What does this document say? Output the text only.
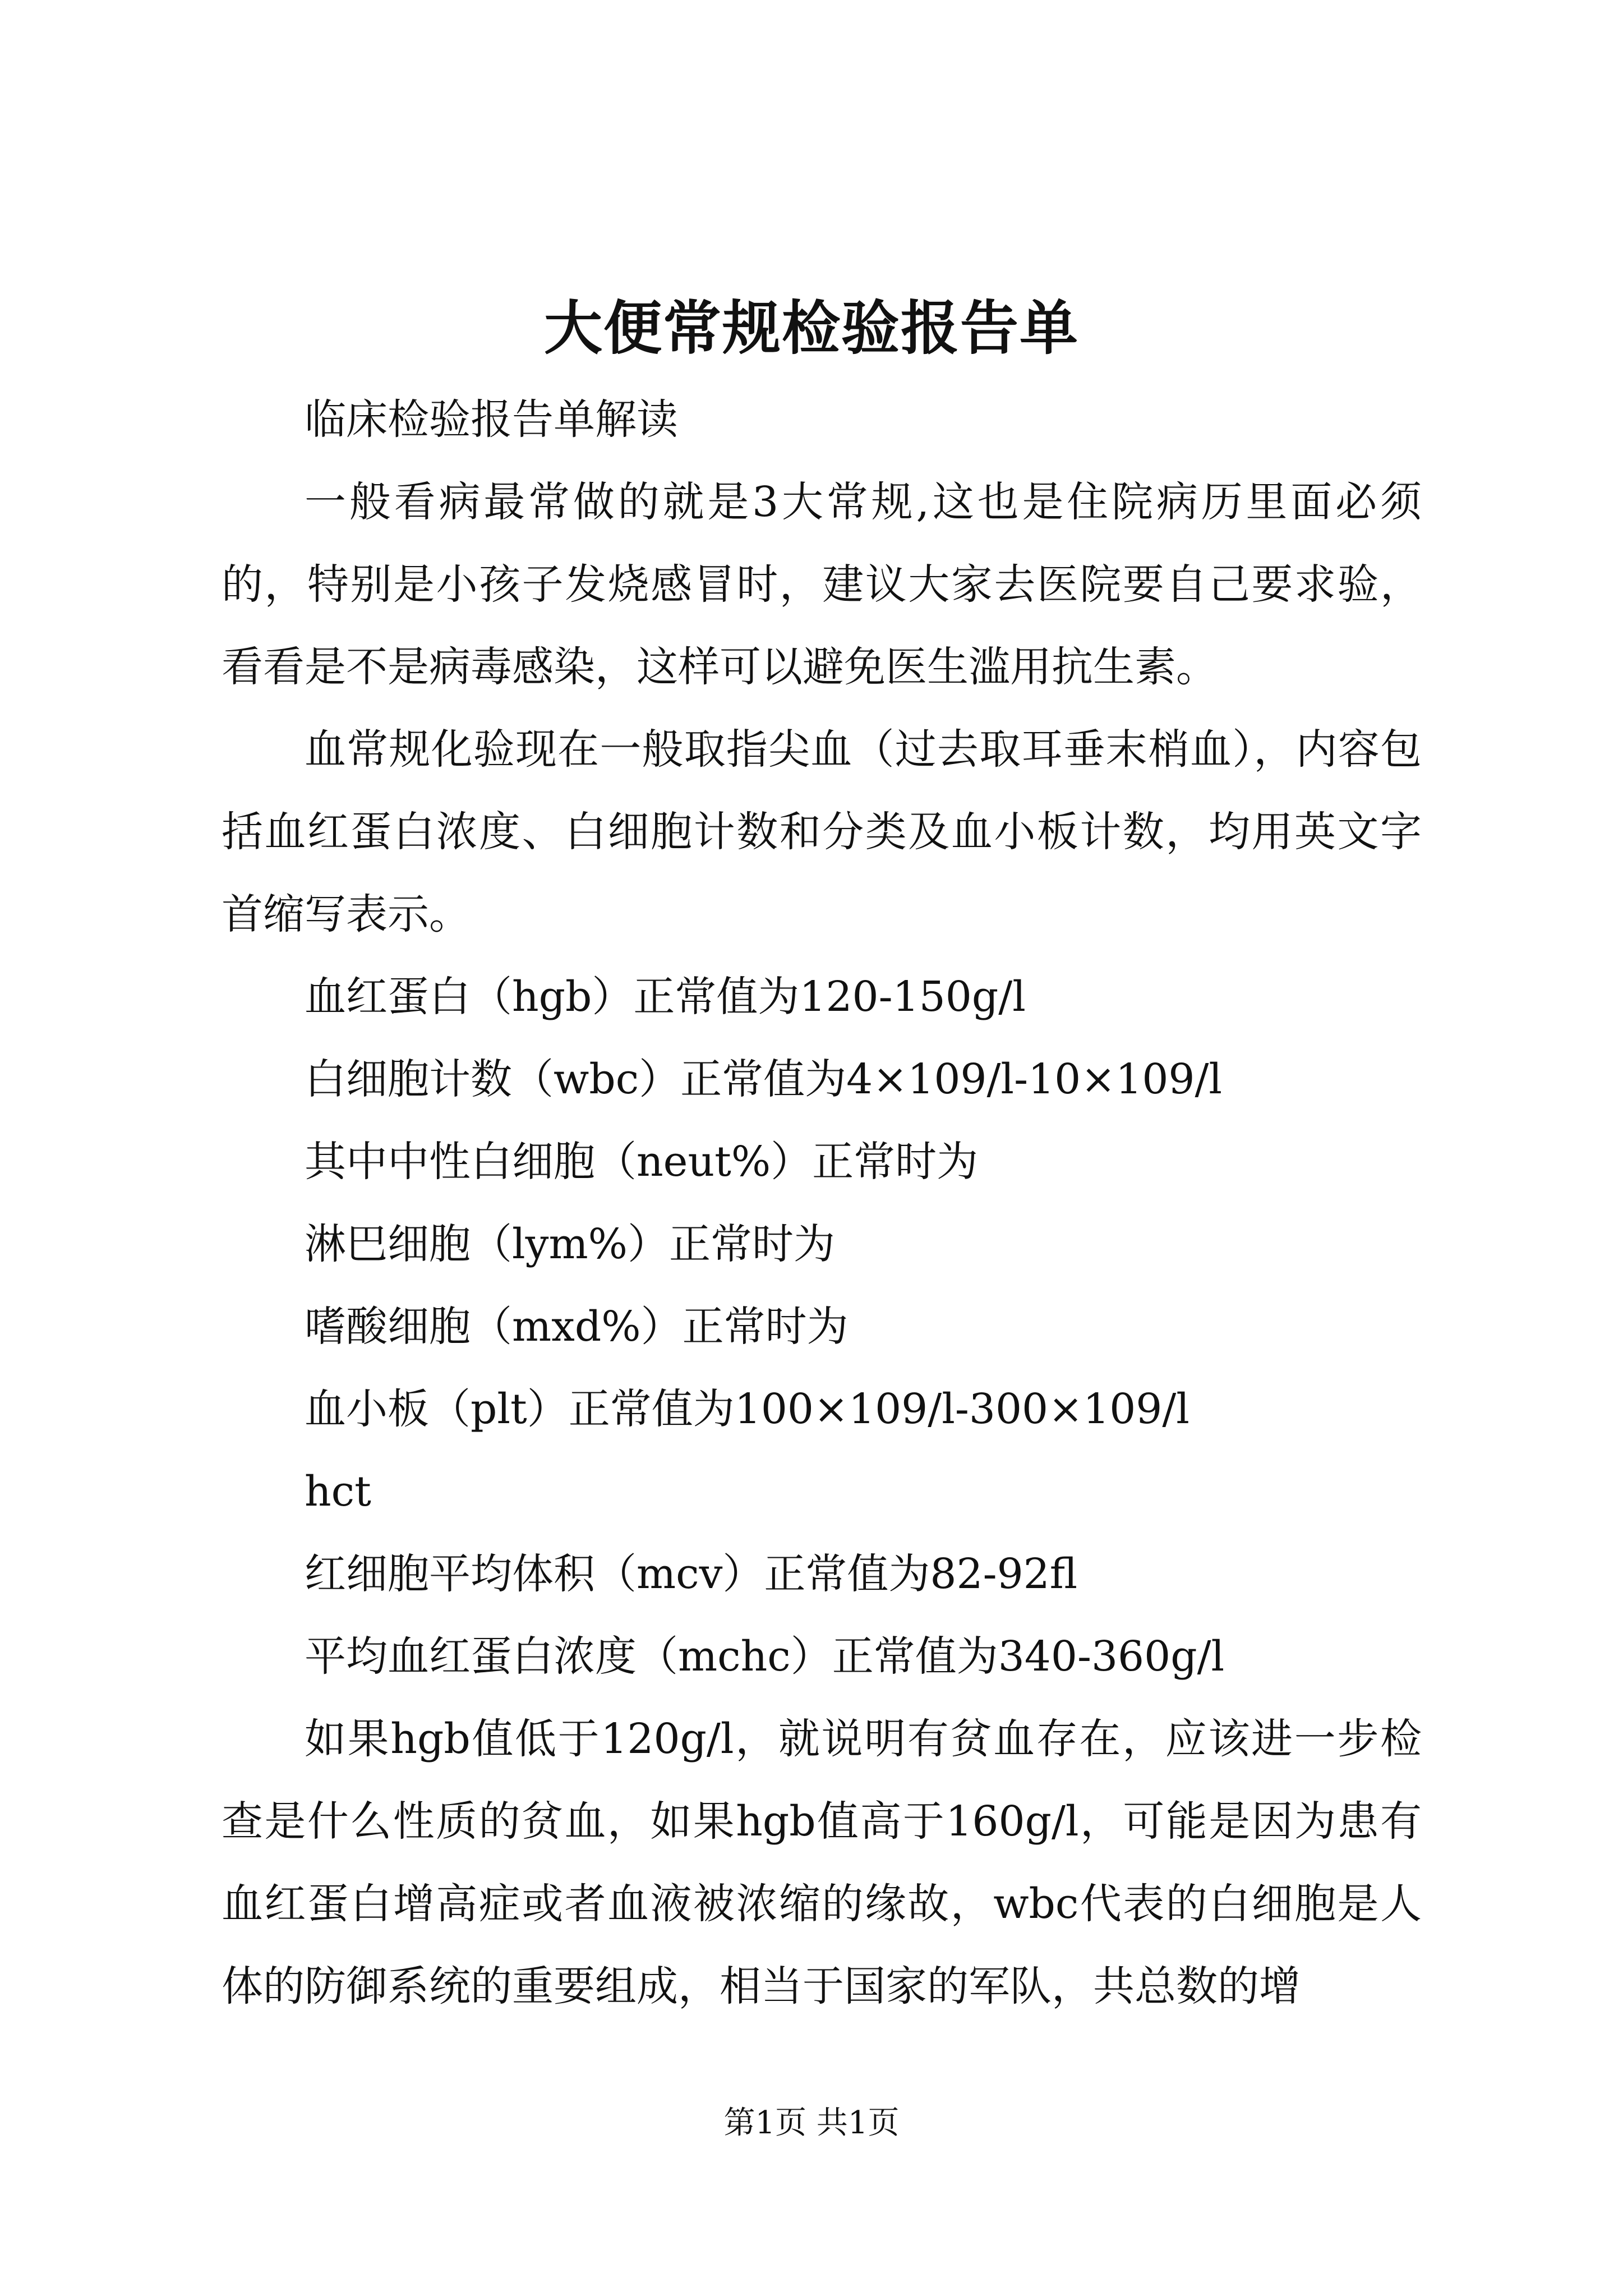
大便常规检验报告单

临床检验报告单解读

一般看病最常做的就是3大常规,这也是住院病历里面必须的，特别是小孩子发烧感冒时，建议大家去医院要自己要求验，看看是不是病毒感染，这样可以避免医生滥用抗生素。

血常规化验现在一般取指尖血（过去取耳垂末梢血），内容包括血红蛋白浓度、白细胞计数和分类及血小板计数，均用英文字首缩写表示。

血红蛋白（hgb）正常值为120-150g/l

白细胞计数（wbc）正常值为4×109/l-10×109/l

其中中性白细胞（neut%）正常时为

淋巴细胞（lym%）正常时为

嗜酸细胞（mxd%）正常时为

血小板（plt）正常值为100×109/l-300×109/l

hct

红细胞平均体积（mcv）正常值为82-92fl

平均血红蛋白浓度（mchc）正常值为340-360g/l

如果hgb值低于120g/l，就说明有贫血存在，应该进一步检查是什么性质的贫血，如果hgb值高于160g/l，可能是因为患有血红蛋白增高症或者血液被浓缩的缘故，wbc代表的白细胞是人体的防御系统的重要组成，相当于国家的军队，共总数的增

第1页 共1页
